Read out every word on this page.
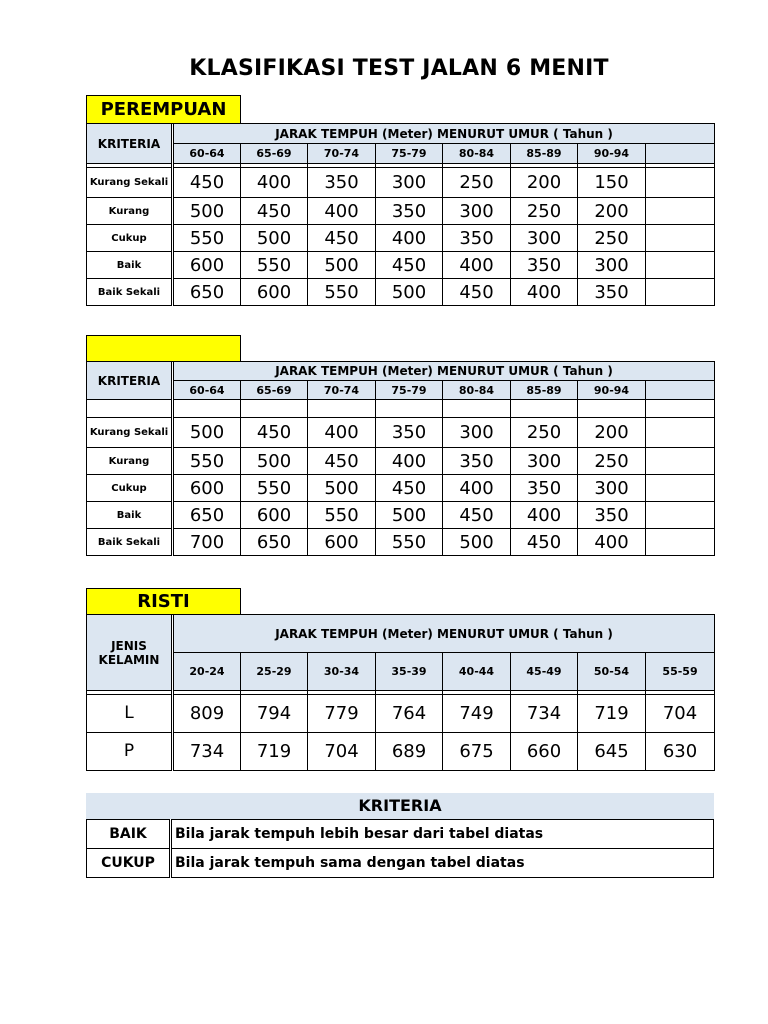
KLASIFIKASI TEST JALAN 6 MENIT
PEREMPUAN
KRITERIA	JARAK TEMPUH (Meter) MENURUT UMUR ( Tahun )							
	60-64	65-69	70-74	75-79	80-84	85-89	90-94	

Kurang Sekali	450	400	350	300	250	200	150	
Kurang	500	450	400	350	300	250	200	
Cukup	550	500	450	400	350	300	250	
Baik	600	550	500	450	400	350	300	
Baik Sekali	650	600	550	500	450	400	350	
KRITERIA	JARAK TEMPUH (Meter) MENURUT UMUR ( Tahun )							
	60-64	65-69	70-74	75-79	80-84	85-89	90-94	

Kurang Sekali	500	450	400	350	300	250	200	
Kurang	550	500	450	400	350	300	250	
Cukup	600	550	500	450	400	350	300	
Baik	650	600	550	500	450	400	350	
Baik Sekali	700	650	600	550	500	450	400	
RISTI
JENIS KELAMIN	JARAK TEMPUH (Meter) MENURUT UMUR ( Tahun )							
	20-24	25-29	30-34	35-39	40-44	45-49	50-54	55-59

L	809	794	779	764	749	734	719	704
P	734	719	704	689	675	660	645	630
KRITERIA
BAIK	Bila jarak tempuh lebih besar dari tabel diatas
CUKUP	Bila jarak tempuh sama dengan tabel diatas
